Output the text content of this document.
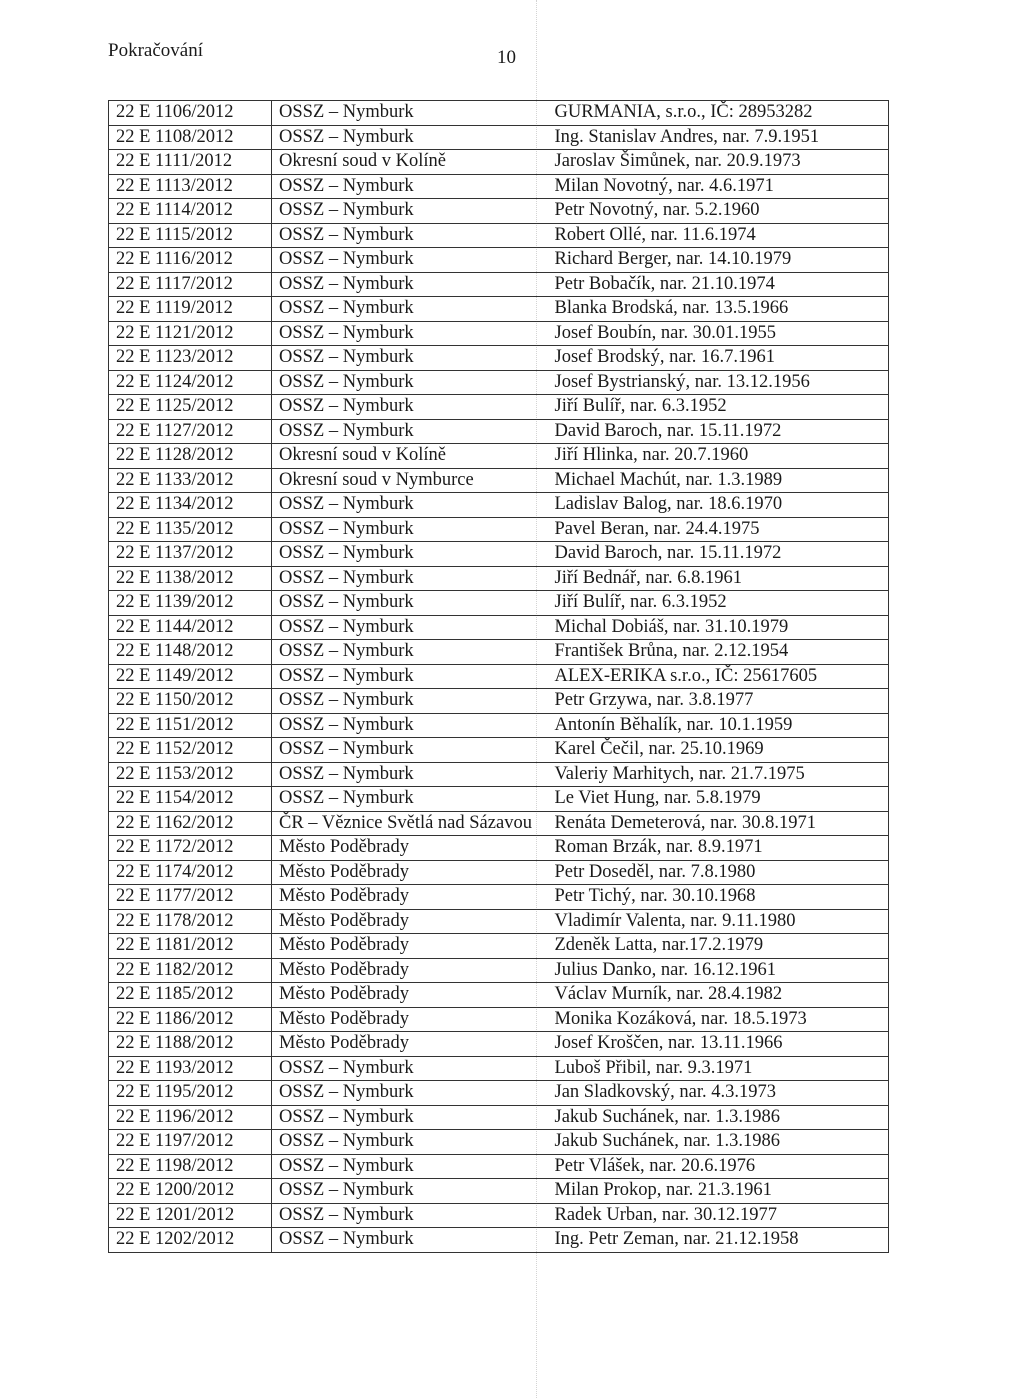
Pokračování	10
22 E 1106/2012	OSSZ – Nymburk	GURMANIA, s.r.o., IČ: 28953282
22 E 1108/2012	OSSZ – Nymburk	Ing. Stanislav Andres, nar. 7.9.1951
22 E 1111/2012	Okresní soud v Kolíně	Jaroslav Šimůnek, nar. 20.9.1973
22 E 1113/2012	OSSZ – Nymburk	Milan Novotný, nar. 4.6.1971
22 E 1114/2012	OSSZ – Nymburk	Petr Novotný, nar. 5.2.1960
22 E 1115/2012	OSSZ – Nymburk	Robert Ollé, nar. 11.6.1974
22 E 1116/2012	OSSZ – Nymburk	Richard Berger, nar. 14.10.1979
22 E 1117/2012	OSSZ – Nymburk	Petr Bobačík, nar. 21.10.1974
22 E 1119/2012	OSSZ – Nymburk	Blanka Brodská, nar. 13.5.1966
22 E 1121/2012	OSSZ – Nymburk	Josef Boubín, nar. 30.01.1955
22 E 1123/2012	OSSZ – Nymburk	Josef Brodský, nar. 16.7.1961
22 E 1124/2012	OSSZ – Nymburk	Josef Bystrianský, nar. 13.12.1956
22 E 1125/2012	OSSZ – Nymburk	Jiří Bulíř, nar. 6.3.1952
22 E 1127/2012	OSSZ – Nymburk	David Baroch, nar. 15.11.1972
22 E 1128/2012	Okresní soud v Kolíně	Jiří Hlinka, nar. 20.7.1960
22 E 1133/2012	Okresní soud v Nymburce	Michael Machút, nar. 1.3.1989
22 E 1134/2012	OSSZ – Nymburk	Ladislav Balog, nar. 18.6.1970
22 E 1135/2012	OSSZ – Nymburk	Pavel Beran, nar. 24.4.1975
22 E 1137/2012	OSSZ – Nymburk	David Baroch, nar. 15.11.1972
22 E 1138/2012	OSSZ – Nymburk	Jiří Bednář, nar. 6.8.1961
22 E 1139/2012	OSSZ – Nymburk	Jiří Bulíř, nar. 6.3.1952
22 E 1144/2012	OSSZ – Nymburk	Michal Dobiáš, nar. 31.10.1979
22 E 1148/2012	OSSZ – Nymburk	František Brůna, nar. 2.12.1954
22 E 1149/2012	OSSZ – Nymburk	ALEX-ERIKA s.r.o., IČ: 25617605
22 E 1150/2012	OSSZ – Nymburk	Petr Grzywa, nar. 3.8.1977
22 E 1151/2012	OSSZ – Nymburk	Antonín Běhalík, nar. 10.1.1959
22 E 1152/2012	OSSZ – Nymburk	Karel Čečil, nar. 25.10.1969
22 E 1153/2012	OSSZ – Nymburk	Valeriy Marhitych, nar. 21.7.1975
22 E 1154/2012	OSSZ – Nymburk	Le Viet Hung, nar. 5.8.1979
22 E 1162/2012	ČR – Věznice Světlá nad Sázavou	Renáta Demeterová, nar. 30.8.1971
22 E 1172/2012	Město Poděbrady	Roman Brzák, nar. 8.9.1971
22 E 1174/2012	Město Poděbrady	Petr Doseděl, nar. 7.8.1980
22 E 1177/2012	Město Poděbrady	Petr Tichý, nar. 30.10.1968
22 E 1178/2012	Město Poděbrady	Vladimír Valenta, nar. 9.11.1980
22 E 1181/2012	Město Poděbrady	Zdeněk Latta, nar.17.2.1979
22 E 1182/2012	Město Poděbrady	Julius Danko, nar. 16.12.1961
22 E 1185/2012	Město Poděbrady	Václav Murník, nar. 28.4.1982
22 E 1186/2012	Město Poděbrady	Monika Kozáková, nar. 18.5.1973
22 E 1188/2012	Město Poděbrady	Josef Kroščen, nar. 13.11.1966
22 E 1193/2012	OSSZ – Nymburk	Luboš Přibil, nar. 9.3.1971
22 E 1195/2012	OSSZ – Nymburk	Jan Sladkovský, nar. 4.3.1973
22 E 1196/2012	OSSZ – Nymburk	Jakub Suchánek, nar. 1.3.1986
22 E 1197/2012	OSSZ – Nymburk	Jakub Suchánek, nar. 1.3.1986
22 E 1198/2012	OSSZ – Nymburk	Petr Vlášek, nar. 20.6.1976
22 E 1200/2012	OSSZ – Nymburk	Milan Prokop, nar. 21.3.1961
22 E 1201/2012	OSSZ – Nymburk	Radek Urban, nar. 30.12.1977
22 E 1202/2012	OSSZ – Nymburk	Ing. Petr Zeman, nar. 21.12.1958
